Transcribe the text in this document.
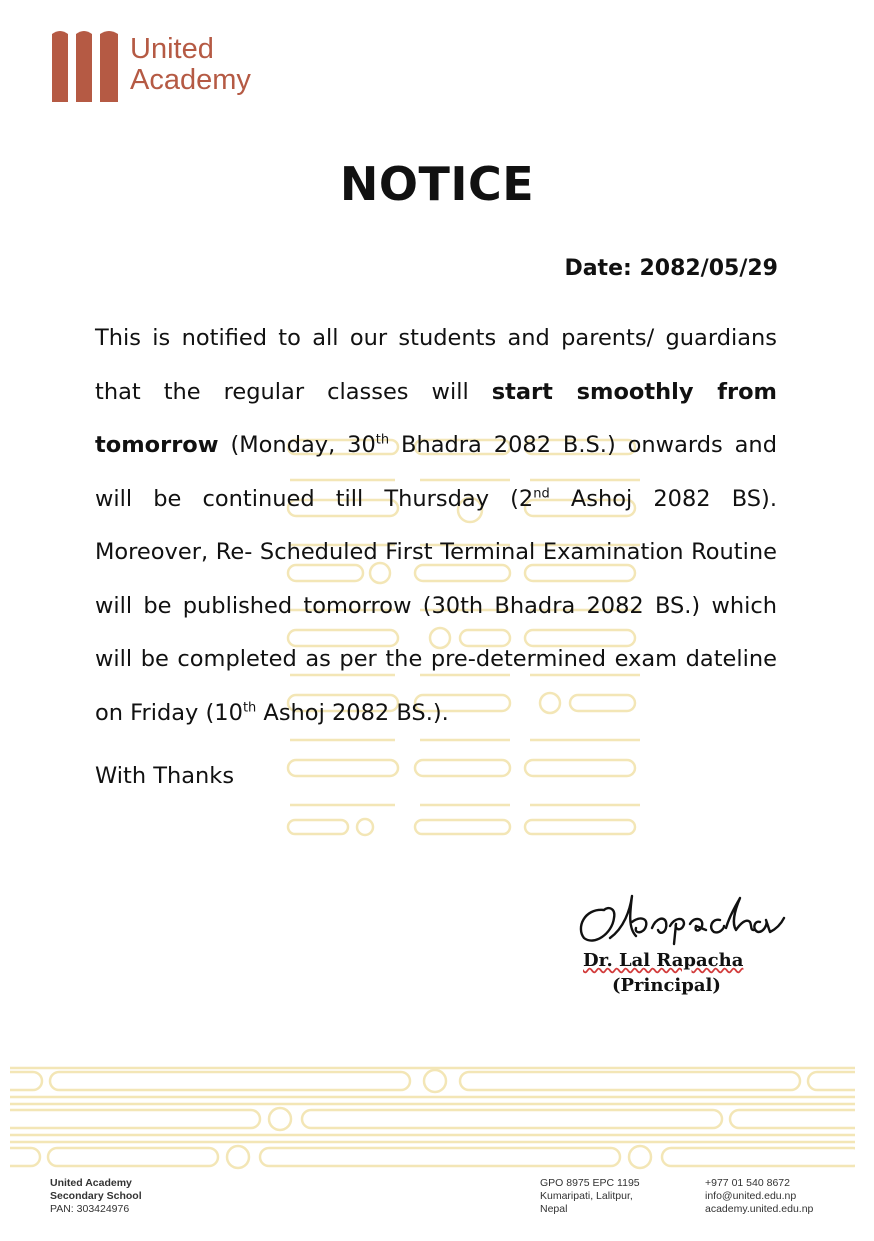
United
Academy
NOTICE
Date: 2082/05/29
This is notified to all our students and parents/ guardians that the regular classes will start smoothly from tomorrow (Monday, 30th Bhadra 2082 B.S.) onwards and will be continued till Thursday (2nd Ashoj 2082 BS). Moreover, Re- Scheduled First Terminal Examination Routine will be published tomorrow (30th Bhadra 2082 BS.) which will be completed as per the pre-determined exam dateline on Friday (10th Ashoj 2082 BS.).
With Thanks
Dr. Lal Rapacha
(Principal)
United Academy
Secondary School
PAN: 303424976
GPO 8975 EPC 1195
Kumaripati, Lalitpur,
Nepal
+977 01 540 8672
info@united.edu.np
academy.united.edu.np
